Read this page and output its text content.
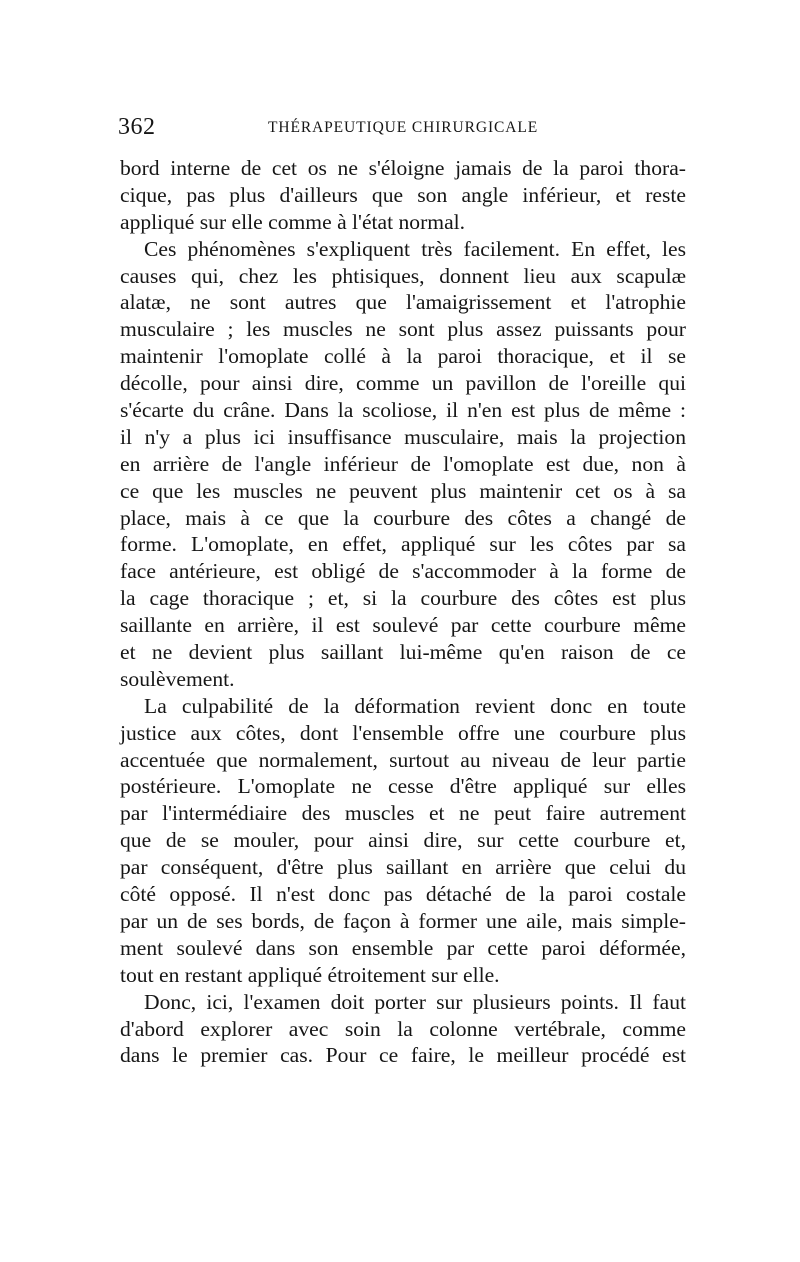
362	THÉRAPEUTIQUE CHIRURGICALE
bord interne de cet os ne s'éloigne jamais de la paroi thora-
cique, pas plus d'ailleurs que son angle inférieur, et reste
appliqué sur elle comme à l'état normal.
Ces phénomènes s'expliquent très facilement. En effet, les
causes qui, chez les phtisiques, donnent lieu aux scapulæ
alatæ, ne sont autres que l'amaigrissement et l'atrophie
musculaire ; les muscles ne sont plus assez puissants pour
maintenir l'omoplate collé à la paroi thoracique, et il se
décolle, pour ainsi dire, comme un pavillon de l'oreille qui
s'écarte du crâne. Dans la scoliose, il n'en est plus de même :
il n'y a plus ici insuffisance musculaire, mais la projection
en arrière de l'angle inférieur de l'omoplate est due, non à
ce que les muscles ne peuvent plus maintenir cet os à sa
place, mais à ce que la courbure des côtes a changé de
forme. L'omoplate, en effet, appliqué sur les côtes par sa
face antérieure, est obligé de s'accommoder à la forme de
la cage thoracique ; et, si la courbure des côtes est plus
saillante en arrière, il est soulevé par cette courbure même
et ne devient plus saillant lui-même qu'en raison de ce
soulèvement.
La culpabilité de la déformation revient donc en toute
justice aux côtes, dont l'ensemble offre une courbure plus
accentuée que normalement, surtout au niveau de leur partie
postérieure. L'omoplate ne cesse d'être appliqué sur elles
par l'intermédiaire des muscles et ne peut faire autrement
que de se mouler, pour ainsi dire, sur cette courbure et,
par conséquent, d'être plus saillant en arrière que celui du
côté opposé. Il n'est donc pas détaché de la paroi costale
par un de ses bords, de façon à former une aile, mais simple-
ment soulevé dans son ensemble par cette paroi déformée,
tout en restant appliqué étroitement sur elle.
Donc, ici, l'examen doit porter sur plusieurs points. Il faut
d'abord explorer avec soin la colonne vertébrale, comme
dans le premier cas. Pour ce faire, le meilleur procédé est
